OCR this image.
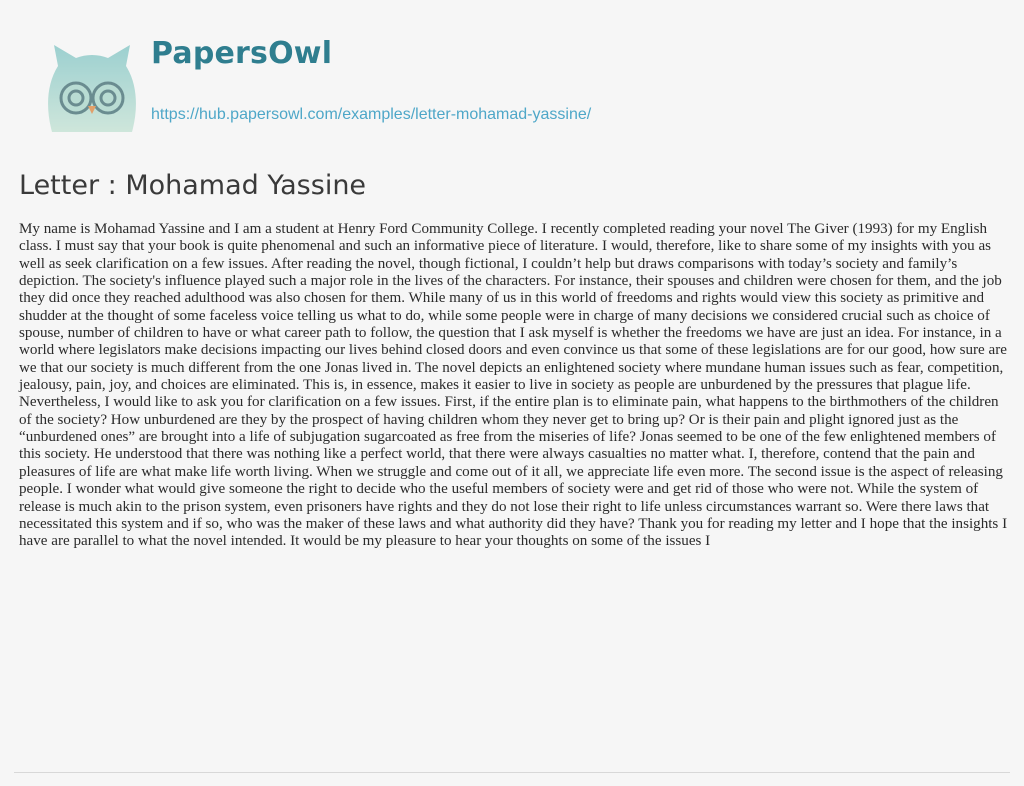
PapersOwl
https://hub.papersowl.com/examples/letter-mohamad-yassine/
Letter : Mohamad Yassine

My name is Mohamad Yassine and I am a student at Henry Ford Community College. I recently completed reading your novel The Giver (1993) for my English class. I must say that your book is quite phenomenal and such an informative piece of literature. I would, therefore, like to share some of my insights with you as well as seek clarification on a few issues. After reading the novel, though fictional, I couldn’t help but draws comparisons with today’s society and family’s depiction. The society's influence played such a major role in the lives of the characters. For instance, their spouses and children were chosen for them, and the job they did once they reached adulthood was also chosen for them. While many of us in this world of freedoms and rights would view this society as primitive and shudder at the thought of some faceless voice telling us what to do, while some people were in charge of many decisions we considered crucial such as choice of spouse, number of children to have or what career path to follow, the question that I ask myself is whether the freedoms we have are just an idea. For instance, in a world where legislators make decisions impacting our lives behind closed doors and even convince us that some of these legislations are for our good, how sure are we that our society is much different from the one Jonas lived in. The novel depicts an enlightened society where mundane human issues such as fear, competition, jealousy, pain, joy, and choices are eliminated. This is, in essence, makes it easier to live in society as people are unburdened by the pressures that plague life. Nevertheless, I would like to ask you for clarification on a few issues. First, if the entire plan is to eliminate pain, what happens to the birthmothers of the children of the society? How unburdened are they by the prospect of having children whom they never get to bring up? Or is their pain and plight ignored just as the “unburdened ones” are brought into a life of subjugation sugarcoated as free from the miseries of life? Jonas seemed to be one of the few enlightened members of this society. He understood that there was nothing like a perfect world, that there were always casualties no matter what. I, therefore, contend that the pain and pleasures of life are what make life worth living. When we struggle and come out of it all, we appreciate life even more. The second issue is the aspect of releasing people. I wonder what would give someone the right to decide who the useful members of society were and get rid of those who were not. While the system of release is much akin to the prison system, even prisoners have rights and they do not lose their right to life unless circumstances warrant so. Were there laws that necessitated this system and if so, who was the maker of these laws and what authority did they have? Thank you for reading my letter and I hope that the insights I have are parallel to what the novel intended. It would be my pleasure to hear your thoughts on some of the issues I
